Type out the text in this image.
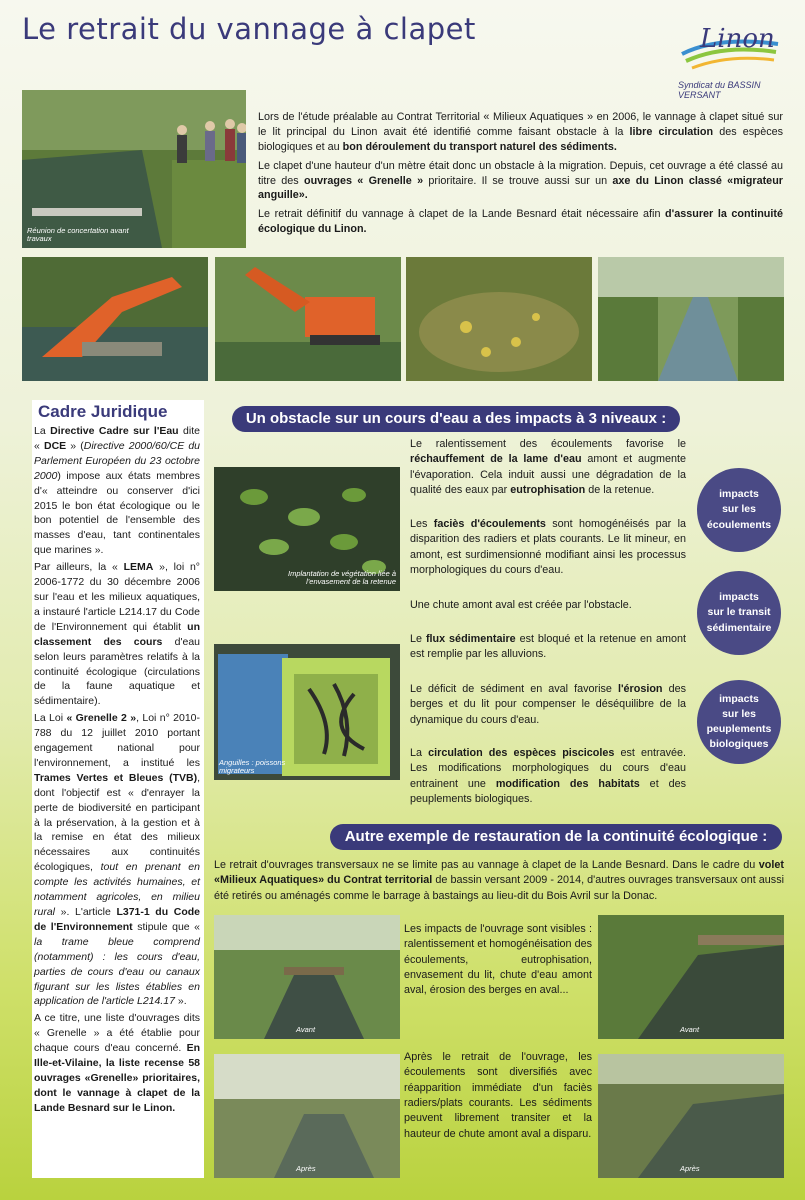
Le retrait du vannage à clapet	Linon
Syndicat du BASSIN VERSANT
Réunion de concertation avant travaux

Lors de l'étude préalable au Contrat Territorial « Milieux Aquatiques » en 2006, le vannage à clapet situé sur le lit principal du Linon avait été identifié comme faisant obstacle à la libre circulation des espèces biologiques et au bon déroulement du transport naturel des sédiments.

Le clapet d'une hauteur d'un mètre était donc un obstacle à la migration. Depuis, cet ouvrage a été classé au titre des ouvrages « Grenelle » prioritaire. Il se trouve aussi sur un axe du Linon classé «migrateur anguille».

Le retrait définitif du vannage à clapet de la Lande Besnard était nécessaire afin d'assurer la continuité écologique du Linon.

Cadre Juridique

La Directive Cadre sur l'Eau dite « DCE » (Directive 2000/60/CE du Parlement Européen du 23 octobre 2000) impose aux états membres d'« atteindre ou conserver d'ici 2015 le bon état écologique ou le bon potentiel de l'ensemble des masses d'eau, tant continentales que marines ».

Par ailleurs, la « LEMA », loi n° 2006-1772 du 30 décembre 2006 sur l'eau et les milieux aquatiques, a instauré l'article L214.17 du Code de l'Environnement qui établit un classement des cours d'eau selon leurs paramètres relatifs à la continuité écologique (circulations de la faune aquatique et sédimentaire).

La Loi « Grenelle 2 », Loi n° 2010-788 du 12 juillet 2010 portant engagement national pour l'environnement, a institué les Trames Vertes et Bleues (TVB), dont l'objectif est « d'enrayer la perte de biodiversité en participant à la préservation, à la gestion et à la remise en état des milieux nécessaires aux continuités écologiques, tout en prenant en compte les activités humaines, et notamment agricoles, en milieu rural ». L'article L371-1 du Code de l'Environnement stipule que « la trame bleue comprend (notamment) : les cours d'eau, parties de cours d'eau ou canaux figurant sur les listes établies en application de l'article L214.17 ».

A ce titre, une liste d'ouvrages dits « Grenelle » a été établie pour chaque cours d'eau concerné. En Ille-et-Vilaine, la liste recense 58 ouvrages «Grenelle» prioritaires, dont le vannage à clapet de la Lande Besnard sur le Linon.

Un obstacle sur un cours d'eau a des impacts à 3 niveaux :
Implantation de végétation liée à l'envasement de la retenue
Anguilles : poissons migrateurs
Le ralentissement des écoulements favorise le réchauffement de la lame d'eau amont et augmente l'évaporation. Cela induit aussi une dégradation de la qualité des eaux par eutrophisation de la retenue.
Les faciès d'écoulements sont homogénéisés par la disparition des radiers et plats courants. Le lit mineur, en amont, est surdimensionné modifiant ainsi les processus morphologiques du cours d'eau.
Une chute amont aval est créée par l'obstacle.
Le flux sédimentaire est bloqué et la retenue en amont est remplie par les alluvions.
Le déficit de sédiment en aval favorise l'érosion des berges et du lit pour compenser le déséquilibre de la dynamique du cours d'eau.
La circulation des espèces piscicoles est entravée. Les modifications morphologiques du cours d'eau entrainent une modification des habitats et des peuplements biologiques.
impacts
sur les
écoulements
impacts
sur le transit
sédimentaire
impacts
sur les
peuplements
biologiques
Autre exemple de restauration de la continuité écologique :
Le retrait d'ouvrages transversaux ne se limite pas au vannage à clapet de la Lande Besnard. Dans le cadre du volet «Milieux Aquatiques» du Contrat territorial de bassin versant 2009 - 2014, d'autres ouvrages transversaux ont aussi été retirés ou aménagés comme le barrage à bastaings au lieu-dit du Bois Avril sur la Donac.
Avant
Les impacts de l'ouvrage sont visibles : ralentissement et homogénéisation des écoulements, eutrophisation, envasement du lit, chute d'eau amont aval, érosion des berges en aval...
Avant
Après
Après le retrait de l'ouvrage, les écoulements sont diversifiés avec réapparition immédiate d'un faciès radiers/plats courants. Les sédiments peuvent librement transiter et la hauteur de chute amont aval a disparu.
Après
